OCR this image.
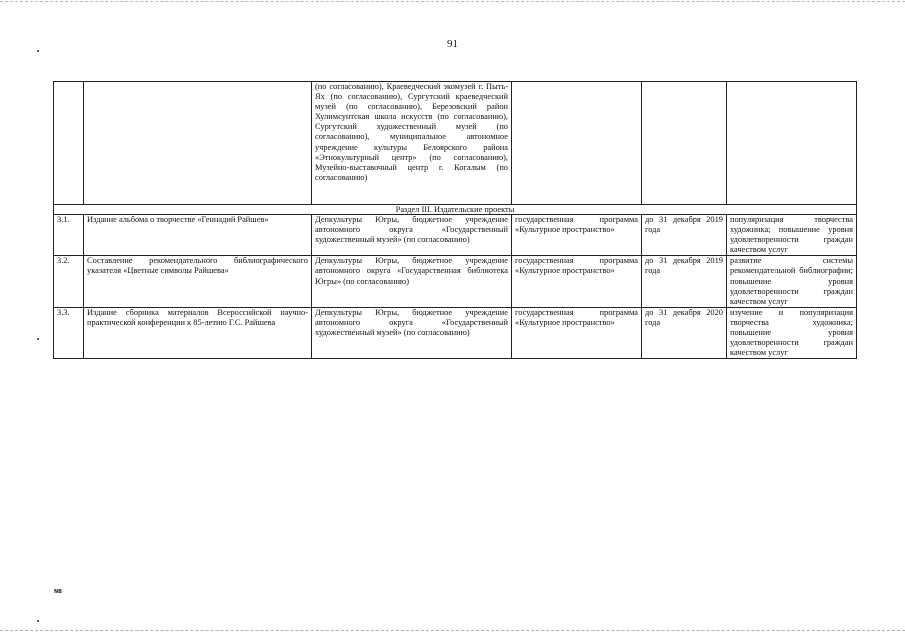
91
		(по согласованию), Краеведческий экомузей г. Пыть-Ях (по согласованию), Сургутский краеведческий музей (по согласованию), Березовский район Хулимсунтская школа искусств (по согласованию), Сургутский художественный музей (по согласованию), муниципальное автономное учреждение культуры Белоярского района «Этнокультурный центр» (по согласованию), Музейно-выставочный центр г. Когалым (по согласованию)			
Раздел III. Издательские проекты					
3.1.	Издание альбома о творчестве «Геннадий Райшев»	Депкультуры Югры, бюджетное учреждение автономного округа «Государственный художественный музей» (по согласованию)	государственная программа «Культурное пространство»	до 31 декабря 2019 года	популяризация творчества художника; повышение уровня удовлетворенности граждан качеством услуг
3.2.	Составление рекомендательного библиографического указателя «Цветные символы Райшева»	Депкультуры Югры, бюджетное учреждение автономного округа «Государственная библиотека Югры» (по согласованию)	государственная программа «Культурное пространство»	до 31 декабря 2019 года	развитие системы рекомендательной библиографии; повышение уровня удовлетворенности граждан качеством услуг
3.3.	Издание сборника материалов Всероссийской научно-практической конференции к 85-летию Г.С. Райшева	Депкультуры Югры, бюджетное учреждение автономного округа «Государственный художественный музей» (по согласованию)	государственная программа «Культурное пространство»	до 31 декабря 2020 года	изучение и популяризация творчества художника; повышение уровня удовлетворенности граждан качеством услуг
NB
